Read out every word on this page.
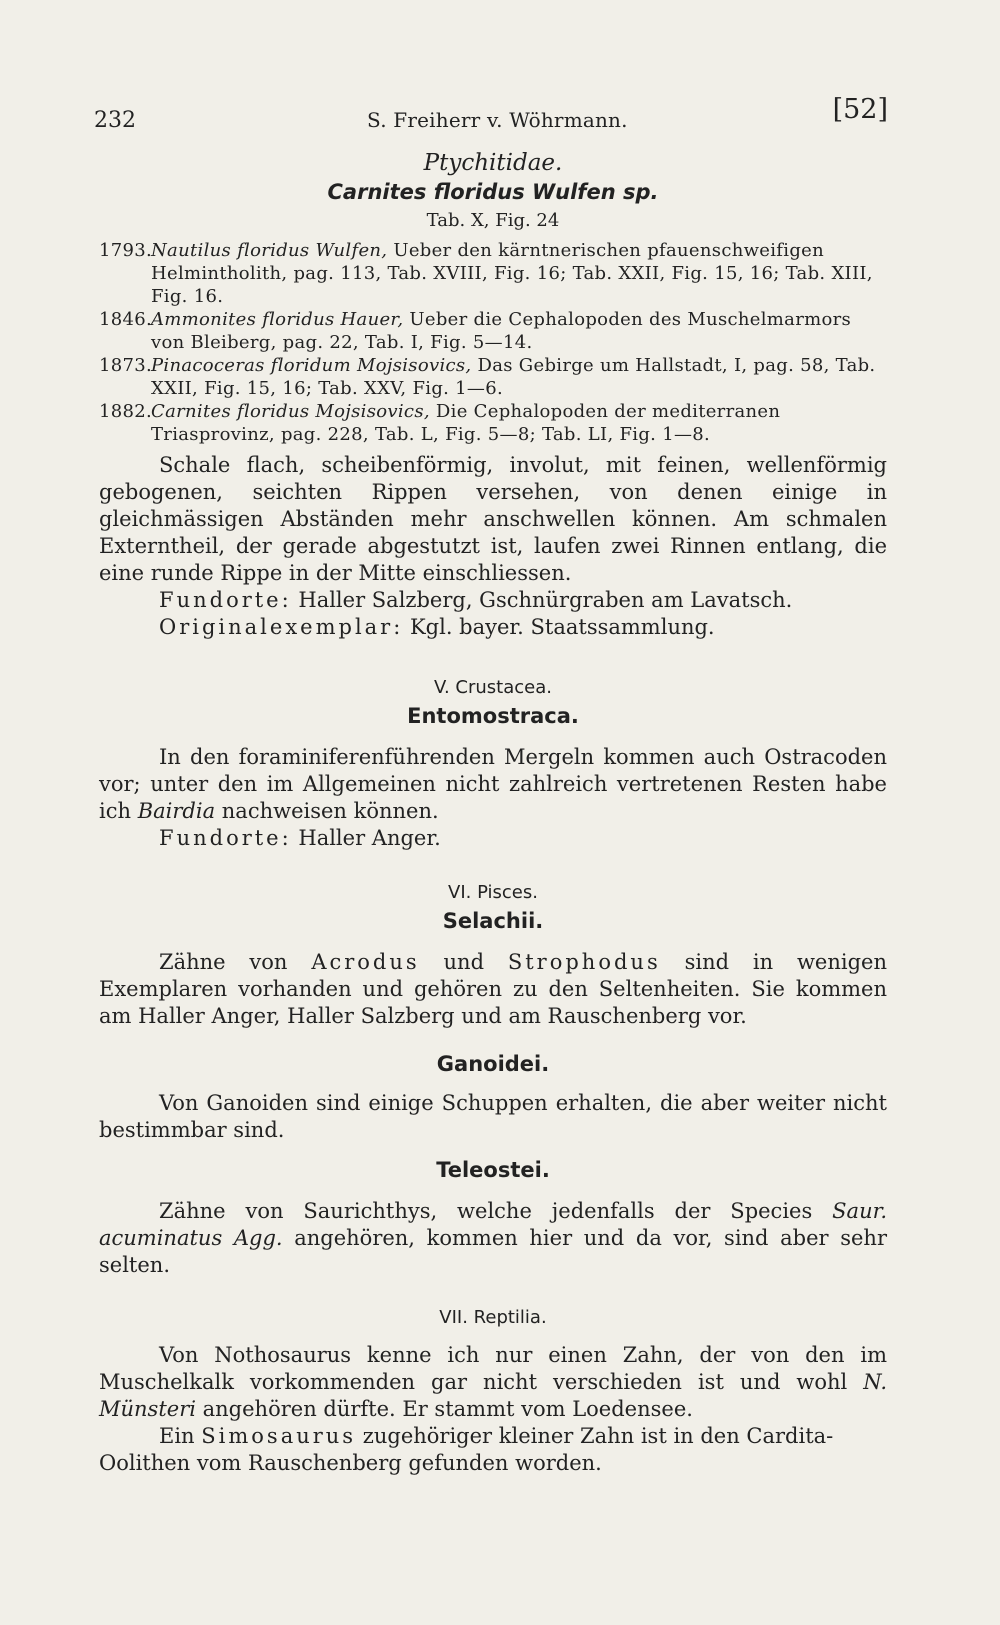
232	S. Freiherr v. Wöhrmann.	[52]

Ptychitidae.

Carnites floridus Wulfen sp.

Tab. X, Fig. 24

1793.Nautilus floridus Wulfen, Ueber den kärntnerischen pfauenschweifigen Helmintholith, pag. 113, Tab. XVIII, Fig. 16; Tab. XXII, Fig. 15, 16; Tab. XIII, Fig. 16.

1846.Ammonites floridus Hauer, Ueber die Cephalopoden des Muschelmarmors von Bleiberg, pag. 22, Tab. I, Fig. 5—14.

1873.Pinacoceras floridum Mojsisovics, Das Gebirge um Hallstadt, I, pag. 58, Tab. XXII, Fig. 15, 16; Tab. XXV, Fig. 1—6.

1882.Carnites floridus Mojsisovics, Die Cephalopoden der mediterranen Triasprovinz, pag. 228, Tab. L, Fig. 5—8; Tab. LI, Fig. 1—8.

Schale flach, scheibenförmig, involut, mit feinen, wellenförmig gebogenen, seichten Rippen versehen, von denen einige in gleichmässigen Abständen mehr anschwellen können. Am schmalen Externtheil, der gerade abgestutzt ist, laufen zwei Rinnen entlang, die eine runde Rippe in der Mitte einschliessen.

Fundorte: Haller Salzberg, Gschnürgraben am Lavatsch.

Originalexemplar: Kgl. bayer. Staatssammlung.

V. Crustacea.

Entomostraca.

In den foraminiferenführenden Mergeln kommen auch Ostracoden vor; unter den im Allgemeinen nicht zahlreich vertretenen Resten habe ich Bairdia nachweisen können.

Fundorte: Haller Anger.

VI. Pisces.

Selachii.

Zähne von Acrodus und Strophodus sind in wenigen Exemplaren vorhanden und gehören zu den Seltenheiten. Sie kommen am Haller Anger, Haller Salzberg und am Rauschenberg vor.

Ganoidei.

Von Ganoiden sind einige Schuppen erhalten, die aber weiter nicht bestimmbar sind.

Teleostei.

Zähne von Saurichthys, welche jedenfalls der Species Saur. acuminatus Agg. angehören, kommen hier und da vor, sind aber sehr selten.

VII. Reptilia.

Von Nothosaurus kenne ich nur einen Zahn, der von den im Muschelkalk vorkommenden gar nicht verschieden ist und wohl N. Münsteri angehören dürfte. Er stammt vom Loedensee.

Ein Simosaurus zugehöriger kleiner Zahn ist in den Cardita-Oolithen vom Rauschenberg gefunden worden.
